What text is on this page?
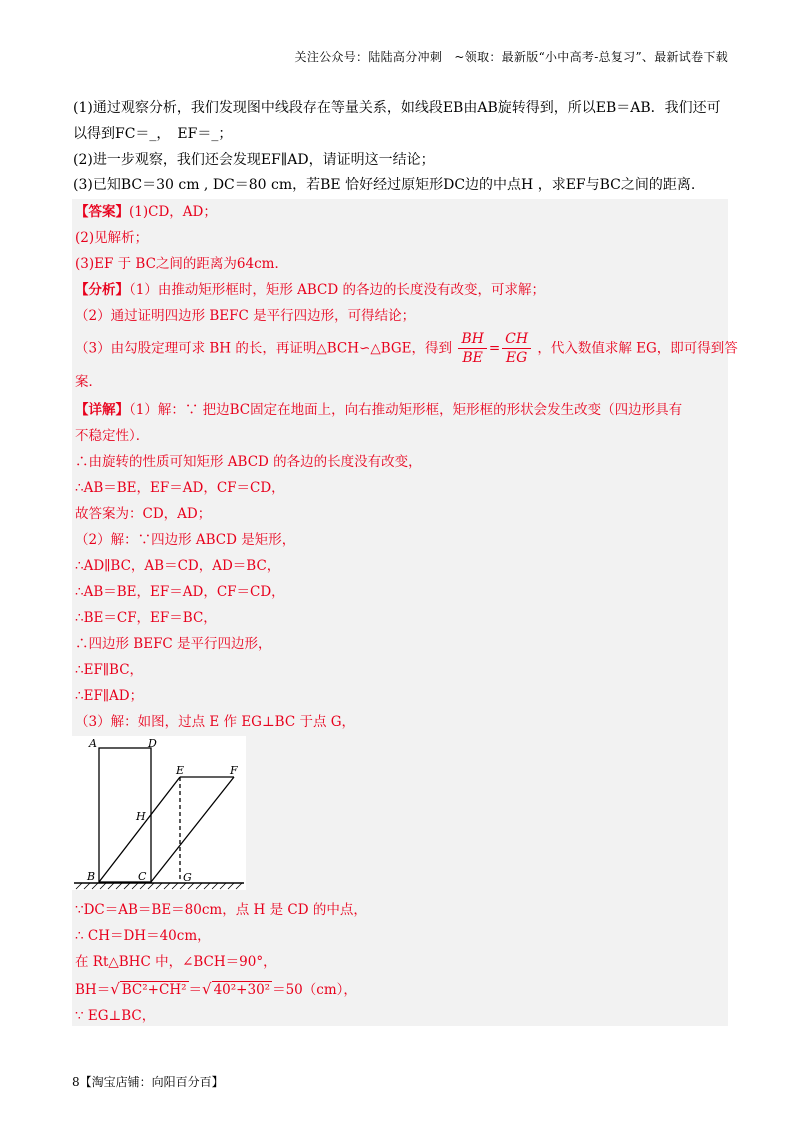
关注公众号：陆陆高分冲刺　~领取：最新版“小中高考-总复习”、最新试卷下载
(1)通过观察分析，我们发现图中线段存在等量关系，如线段EB由AB旋转得到，所以EB＝AB．我们还可
以得到FC＝_，　EF＝_；
(2)进一步观察，我们还会发现EF∥AD，请证明这一结论；
(3)已知BC＝30 cm , DC＝80 cm，若BE 恰好经过原矩形DC边的中点H ，求EF与BC之间的距离.
【答案】(1)CD，AD；
(2)见解析；
(3)EF 于 BC之间的距离为64cm．
【分析】（1）由推动矩形框时，矩形 ABCD 的各边的长度没有改变，可求解；
（2）通过证明四边形 BEFC 是平行四边形，可得结论；
（3）由勾股定理可求 BH 的长，再证明△BCH∽△BGE，得到 $\frac{BH}{BE} = \frac{CH}{EG}$ ，代入数值求解 EG，即可得到答
案．
【详解】（1）解：∵ 把边BC固定在地面上，向右推动矩形框，矩形框的形状会发生改变（四边形具有
不稳定性）．
∴由旋转的性质可知矩形 ABCD 的各边的长度没有改变，
∴AB＝BE，EF＝AD，CF＝CD，
故答案为：CD，AD；
（2）解：∵四边形 ABCD 是矩形，
∴AD∥BC，AB＝CD，AD＝BC，
∴AB＝BE，EF＝AD，CF＝CD，
∴BE＝CF，EF＝BC，
∴四边形 BEFC 是平行四边形，
∴EF∥BC，
∴EF∥AD；
（3）解：如图，过点 E 作 EG⊥BC 于点 G，
A	D
E	F
H
B	C	G
∵DC＝AB＝BE＝80cm，点 H 是 CD 的中点，
∴ CH＝DH＝40cm，
在 Rt△BHC 中，∠BCH＝90°，
BH＝√ BC²+CH² ＝√ 40²+30² ＝50（cm），
∵ EG⊥BC，
8【淘宝店铺：向阳百分百】
